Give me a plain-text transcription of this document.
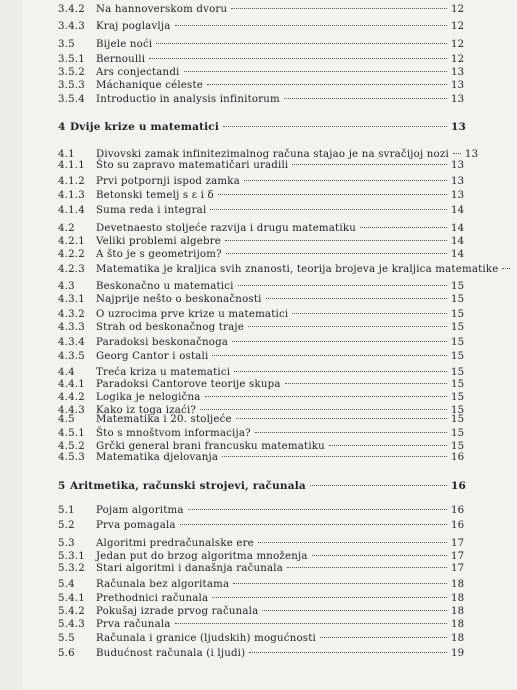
3.4.2	Na hannoverskom dvoru	12
3.4.3	Kraj poglavlja	12
3.5	Bijele noći	12
3.5.1	Bernoulli	12
3.5.2	Ars conjectandi	13
3.5.3	Máchanique céleste	13
3.5.4	Introductio in analysis infinitorum	13
4 Dvije krize u matematici	13
4.1	Divovski zamak infinitezimalnog računa stajao je na svračijoj nozi 13
4.1.1	Što su zapravo matematičari uradili	13
4.1.2	Prvi potpornji ispod zamka	13
4.1.3	Betonski temelj s ε i δ	13
4.1.4	Suma reda i integral	14
4.2	Devetnaesto stoljeće razvija i drugu matematiku	14
4.2.1	Veliki problemi algebre	14
4.2.2	A što je s geometrijom?	14
4.2.3	Matematika je kraljica svih znanosti, teorija brojeva je kraljica matematike
4.3	Beskonačno u matematici	15
4.3.1	Najprije nešto o beskonačnosti	15
4.3.2	O uzrocima prve krize u matematici	15
4.3.3	Strah od beskonačnog traje	15
4.3.4	Paradoksi beskonačnoga	15
4.3.5	Georg Cantor i ostali	15
4.4	Treća kriza u matematici	15
4.4.1	Paradoksi Cantorove teorije skupa	15
4.4.2	Logika je nelogična	15
4.4.3	Kako iz toga izaći?	15
4.5	Matematika i 20. stoljeće	15
4.5.1	Što s mnoštvom informacija?	15
4.5.2	Grčki general brani francusku matematiku	15
4.5.3	Matematika djelovanja	16
5 Aritmetika, računski strojevi, računala	16
5.1	Pojam algoritma	16
5.2	Prva pomagala	16
5.3	Algoritmi predračunalske ere	17
5.3.1	Jedan put do brzog algoritma množenja	17
5.3.2	Stari algoritmi i današnja računala	17
5.4	Računala bez algoritama	18
5.4.1	Prethodnici računala	18
5.4.2	Pokušaj izrade prvog računala	18
5.4.3	Prva računala	18
5.5	Računala i granice (ljudskih) mogućnosti	18
5.6	Budućnost računala (i ljudi)	19
